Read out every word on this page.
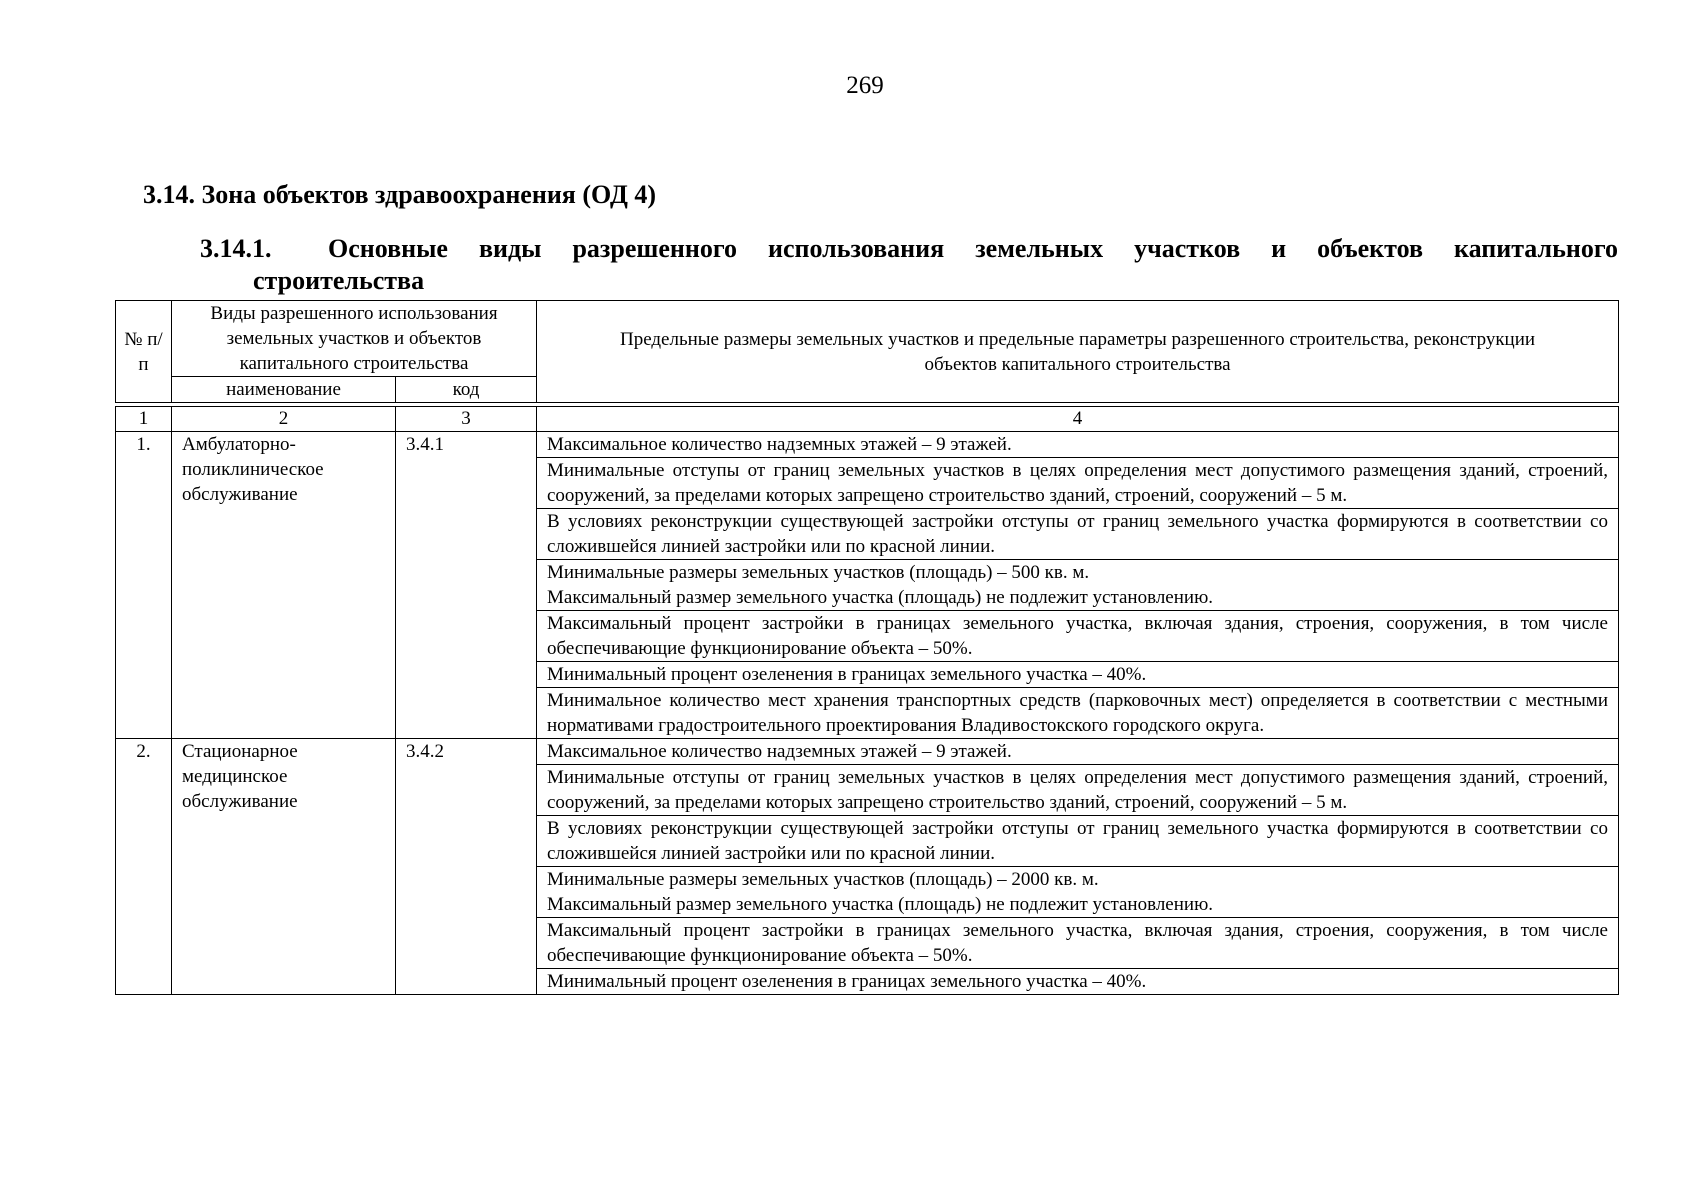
269
3.14. Зона объектов здравоохранения (ОД 4)
3.14.1. Основные виды разрешенного использования земельных участков и объектов капитального
строительства
№ п/п	Виды разрешенного использования земельных участков и объектов капитального строительства		Предельные размеры земельных участков и предельные параметры разрешенного строительства, реконструкции объектов капитального строительства
	наименование	код	
1	2	3	4
1.	Амбулаторно-поликлиническое обслуживание	3.4.1	Максимальное количество надземных этажей – 9 этажей.
			Минимальные отступы от границ земельных участков в целях определения мест допустимого размещения зданий, строений, сооружений, за пределами которых запрещено строительство зданий, строений, сооружений – 5 м.
			В условиях реконструкции существующей застройки отступы от границ земельного участка формируются в соответствии со сложившейся линией застройки или по красной линии.

			Минимальные размеры земельных участков (площадь) – 500 кв. м.
Максимальный размер земельного участка (площадь) не подлежит установлению.

			Максимальный процент застройки в границах земельного участка, включая здания, строения, сооружения, в том числе обеспечивающие функционирование объекта – 50%.
			Минимальный процент озеленения в границах земельного участка – 40%.
			Минимальное количество мест хранения транспортных средств (парковочных мест) определяется в соответствии с местными нормативами градостроительного проектирования Владивостокского городского округа.
2.	Стационарное медицинское обслуживание	3.4.2	Максимальное количество надземных этажей – 9 этажей.
			Минимальные отступы от границ земельных участков в целях определения мест допустимого размещения зданий, строений, сооружений, за пределами которых запрещено строительство зданий, строений, сооружений – 5 м.
			В условиях реконструкции существующей застройки отступы от границ земельного участка формируются в соответствии со сложившейся линией застройки или по красной линии.

			Минимальные размеры земельных участков (площадь) – 2000 кв. м.
Максимальный размер земельного участка (площадь) не подлежит установлению.

			Максимальный процент застройки в границах земельного участка, включая здания, строения, сооружения, в том числе обеспечивающие функционирование объекта – 50%.
			Минимальный процент озеленения в границах земельного участка – 40%.
